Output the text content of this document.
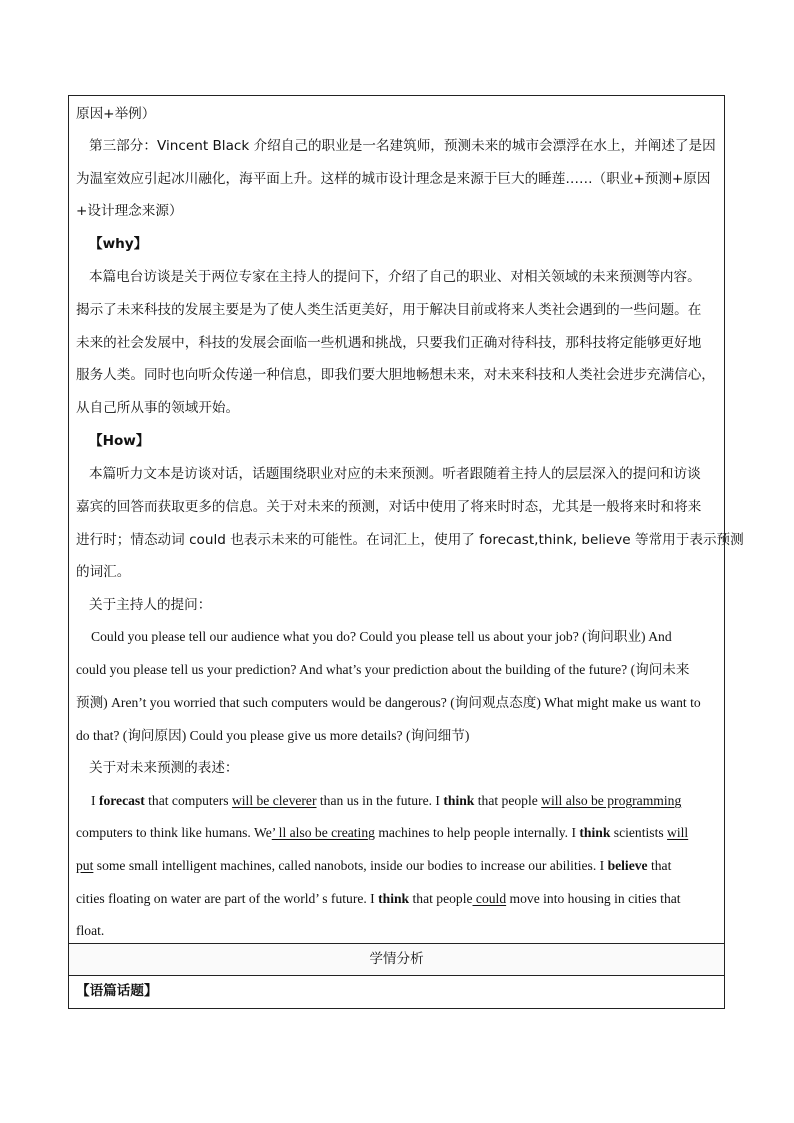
原因+举例）
第三部分：Vincent Black 介绍自己的职业是一名建筑师，预测未来的城市会漂浮在水上，并阐述了是因
为温室效应引起冰川融化，海平面上升。这样的城市设计理念是来源于巨大的睡莲……（职业+预测+原因
+设计理念来源）
【why】
本篇电台访谈是关于两位专家在主持人的提问下，介绍了自己的职业、对相关领域的未来预测等内容。
揭示了未来科技的发展主要是为了使人类生活更美好，用于解决目前或将来人类社会遇到的一些问题。在
未来的社会发展中，科技的发展会面临一些机遇和挑战，只要我们正确对待科技，那科技将定能够更好地
服务人类。同时也向听众传递一种信息，即我们要大胆地畅想未来，对未来科技和人类社会进步充满信心，
从自己所从事的领域开始。
【How】
本篇听力文本是访谈对话，话题围绕职业对应的未来预测。听者跟随着主持人的层层深入的提问和访谈
嘉宾的回答而获取更多的信息。关于对未来的预测，对话中使用了将来时时态，尤其是一般将来时和将来
进行时；情态动词 could 也表示未来的可能性。在词汇上，使用了 forecast,think, believe 等常用于表示预测
的词汇。
关于主持人的提问：
Could you please tell our audience what you do? Could you please tell us about your job? (询问职业) And
could you please tell us your prediction? And what’s your prediction about the building of the future? (询问未来
预测) Aren’t you worried that such computers would be dangerous? (询问观点态度) What might make us want to
do that? (询问原因) Could you please give us more details? (询问细节)
关于对未来预测的表述：
I forecast that computers will be cleverer than us in the future. I think that people will also be programming
computers to think like humans. We’ ll also be creating machines to help people internally. I think scientists will
put some small intelligent machines, called nanobots, inside our bodies to increase our abilities. I believe that
cities floating on water are part of the world’ s future. I think that people could move into housing in cities that
float.
学情分析
【语篇话题】
